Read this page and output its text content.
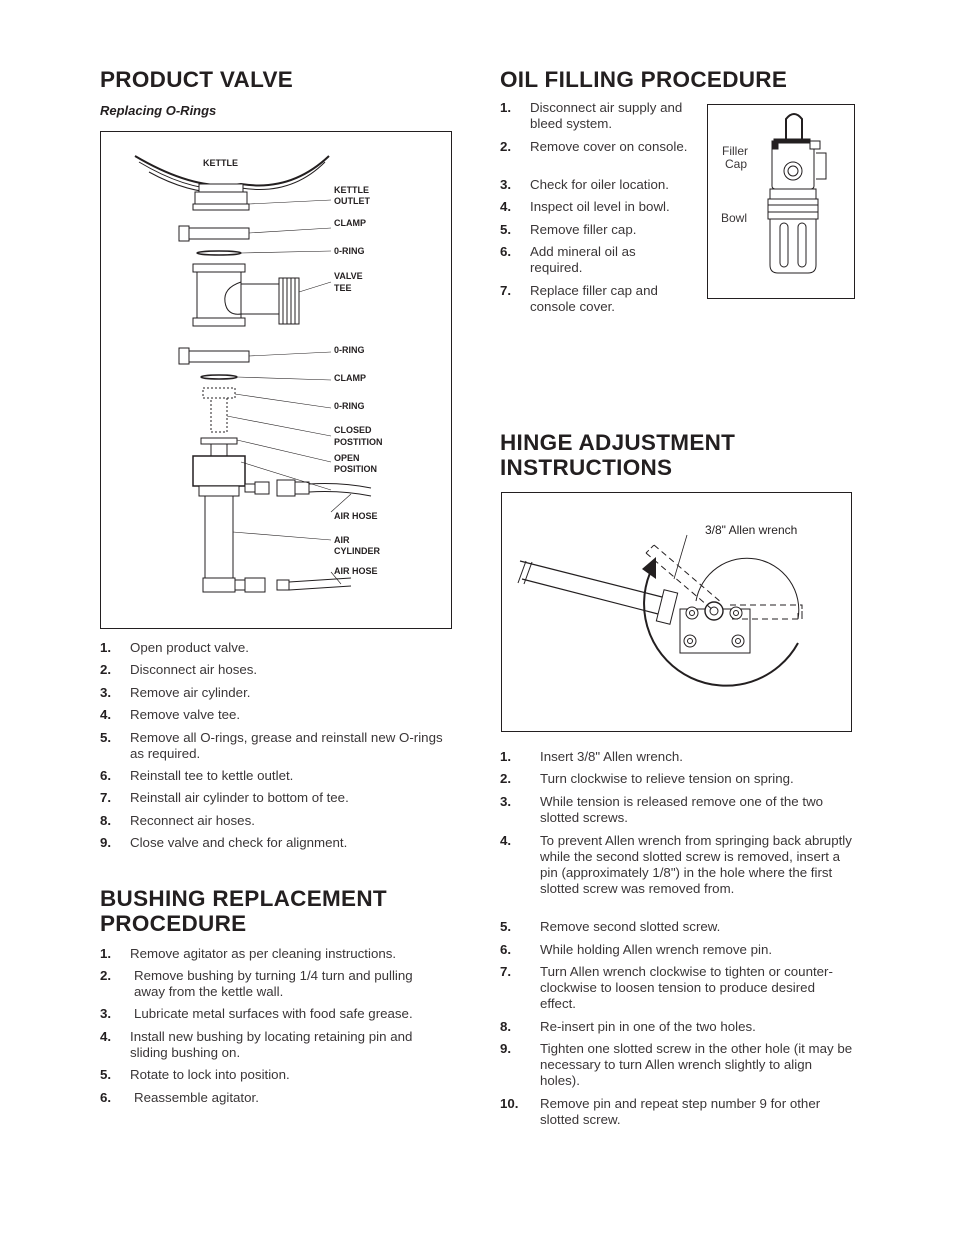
PRODUCT VALVE

Replacing O-Rings

KETTLE
KETTLE
OUTLET
CLAMP
0-RING
VALVE
TEE
0-RING
CLAMP
0-RING
CLOSED
POSTITION
OPEN
POSITION
AIR HOSE
AIR
CYLINDER
AIR HOSE
1. Open product valve.
2. Disconnect air hoses.
3. Remove air cylinder.
4. Remove valve tee.
5. Remove all O-rings, grease and reinstall new O-rings as required.
6. Reinstall tee to kettle outlet.
7. Reinstall air cylinder to bottom of tee.
8. Reconnect air hoses.
9. Close valve and check for alignment.
BUSHING REPLACEMENT
PROCEDURE
1. Remove agitator as per cleaning instructions.
2. Remove bushing by turning 1/4 turn and pulling away from the kettle wall.
3. Lubricate metal surfaces with food safe grease.
4. Install new bushing by locating retaining pin and sliding bushing on.
5. Rotate to lock into position.
6. Reassemble agitator.
OIL FILLING PROCEDURE
1. Disconnect air supply and bleed system.
2. Remove cover on console.
3. Check for oiler location.
4. Inspect oil level in bowl.
5. Remove filler cap.
6. Add mineral oil as required.
7. Replace filler cap and console cover.
Filler
Cap
Bowl
HINGE ADJUSTMENT
INSTRUCTIONS
3/8" Allen wrench
1. Insert 3/8" Allen wrench.
2. Turn clockwise to relieve tension on spring.
3. While tension is released remove one of the two slotted screws.
4. To prevent Allen wrench from springing back abruptly while the second slotted screw is removed, insert a pin (approximately 1/8") in the hole where the first slotted screw was removed from.
5. Remove second slotted screw.
6. While holding Allen wrench remove pin.
7. Turn Allen wrench clockwise to tighten or counter-clockwise to loosen tension to produce desired effect.
8. Re-insert pin in one of the two holes.
9. Tighten one slotted screw in the other hole (it may be necessary to turn Allen wrench slightly to align holes).
10. Remove pin and repeat step number 9 for other slotted screw.
